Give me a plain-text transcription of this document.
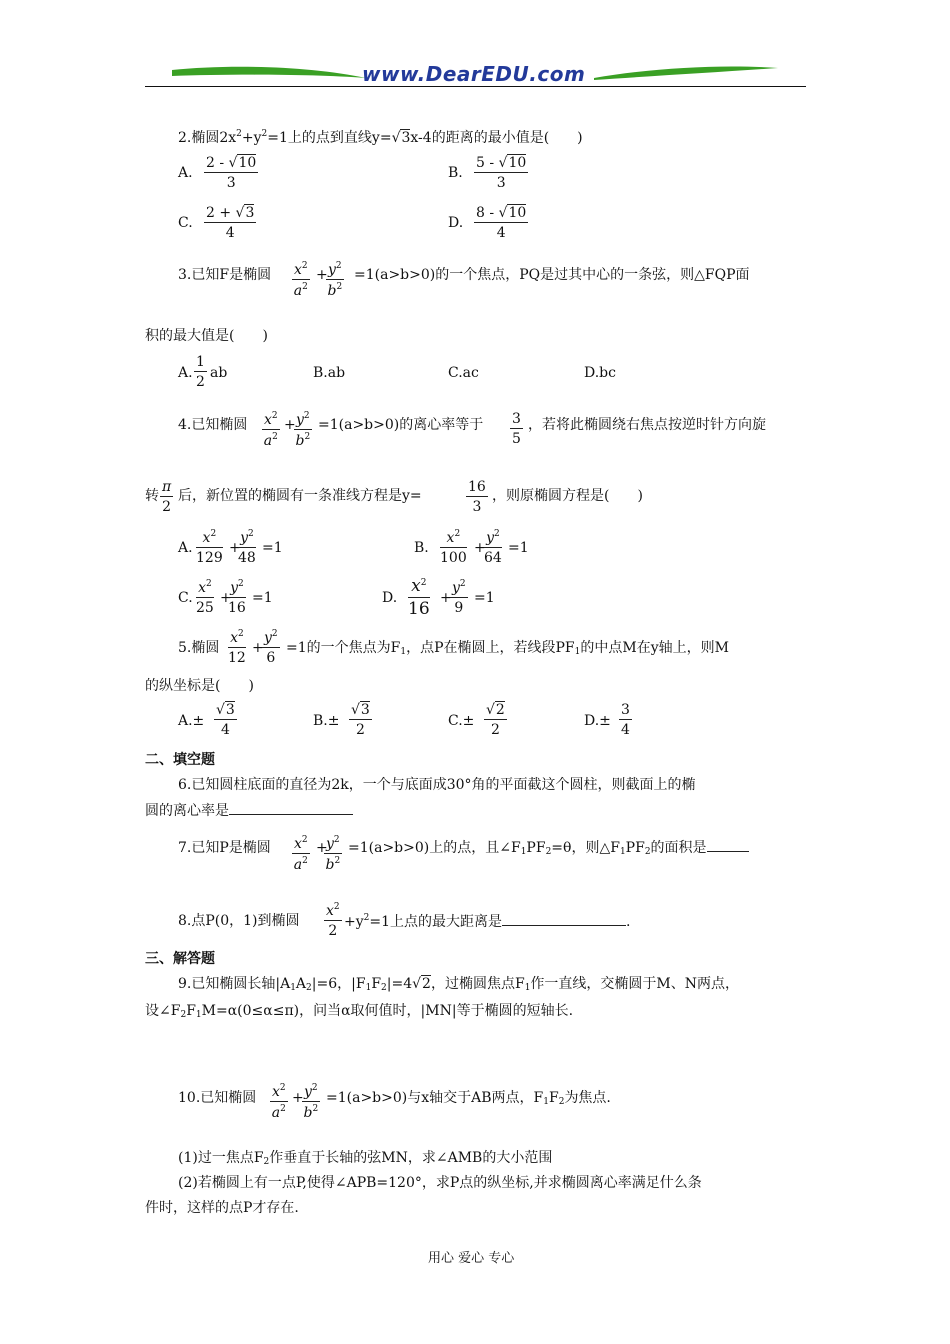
www.DearEDU.com
2.椭圆$2x^2+y^2=1$上的点到直线y=√3x-4的距离的最小值是(　　)
A. $\frac{2 - √10}{3}$	B. $\frac{5 - √10}{3}$
C. $\frac{2 + √3}{4}$	D. $\frac{8 - √10}{4}$
3.已知F是椭圆 $\frac{x^2}{a^2}$ +
$\frac{y^2}{b^2} =1(a>b>0)$的一个焦点，PQ是过其中心的一条弦，则△FQP面
积的最大值是(　　)
A. $\frac{1}{2}$ ab	B.ab	C.ac	D.bc
4.已知椭圆 $\frac{x^2}{a^2}$ +
$\frac{y^2}{b^2} =1(a>b>0)$的离心率等于 $\frac{3}{5}$ ，若将此椭圆绕右焦点按逆时针方向旋
转 $\frac{\pi}{2}$ 后，新位置的椭圆有一条准线方程是y=	$\frac{16}{3}$ ，则原椭圆方程是(　　)
A. $\frac{x^2}{129}$ +
$\frac{y^2}{48} =1$	B. $\frac{x^2}{100}$ +
$\frac{y^2}{64} =1$
C. $\frac{x^2}{25}$ +
$\frac{y^2}{16} =1$	D. $\frac{x^2}{16}$ +
$\frac{y^2}{9} =1$
5.椭圆 $\frac{x^2}{12}$ +
$\frac{y^2}{6} =1$的一个焦点为$F_1$，点P在椭圆上，若线段$PF_1$的中点M在y轴上，则M
的纵坐标是(　　)
$A.\pm \frac{√3}{4}$	$B.\pm \frac{√3}{2}$	$C.\pm \frac{√2}{2}$	$D.\pm \frac{3}{4}$
二、填空题
6.已知圆柱底面的直径为2k，一个与底面成30°角的平面截这个圆柱，则截面上的椭
圆的离心率是
7.已知P是椭圆 $\frac{x^2}{a^2}$ +
$\frac{y^2}{b^2} =1(a>b>0)$上的点，且$\angle F_1PF_2=\theta$，则$\triangle F_1PF_2$的面积是
8.点P(0，1)到椭圆 $\frac{x^2}{2} +y^2=1$上点的最大距离是	.
三、解答题
9.已知椭圆长轴$|A_1A_2|=6$，$|F_1F_2|=4√2$，过椭圆焦点$F_1$作一直线，交椭圆于M、N两点，
设$\angle F_2F_1M=\alpha(0\le\alpha\le\pi)$，问当α取何值时，|MN|等于椭圆的短轴长.
10.已知椭圆 $\frac{x^2}{a^2}$ +
$\frac{y^2}{b^2} =1(a>b>0)$与x轴交于AB两点，$F_1F_2$为焦点.
(1)过一焦点$F_2$作垂直于长轴的弦MN，求∠AMB的大小范围
(2)若椭圆上有一点P,使得∠APB=120°，求P点的纵坐标,并求椭圆离心率满足什么条
件时，这样的点P才存在.
用心 爱心 专心
